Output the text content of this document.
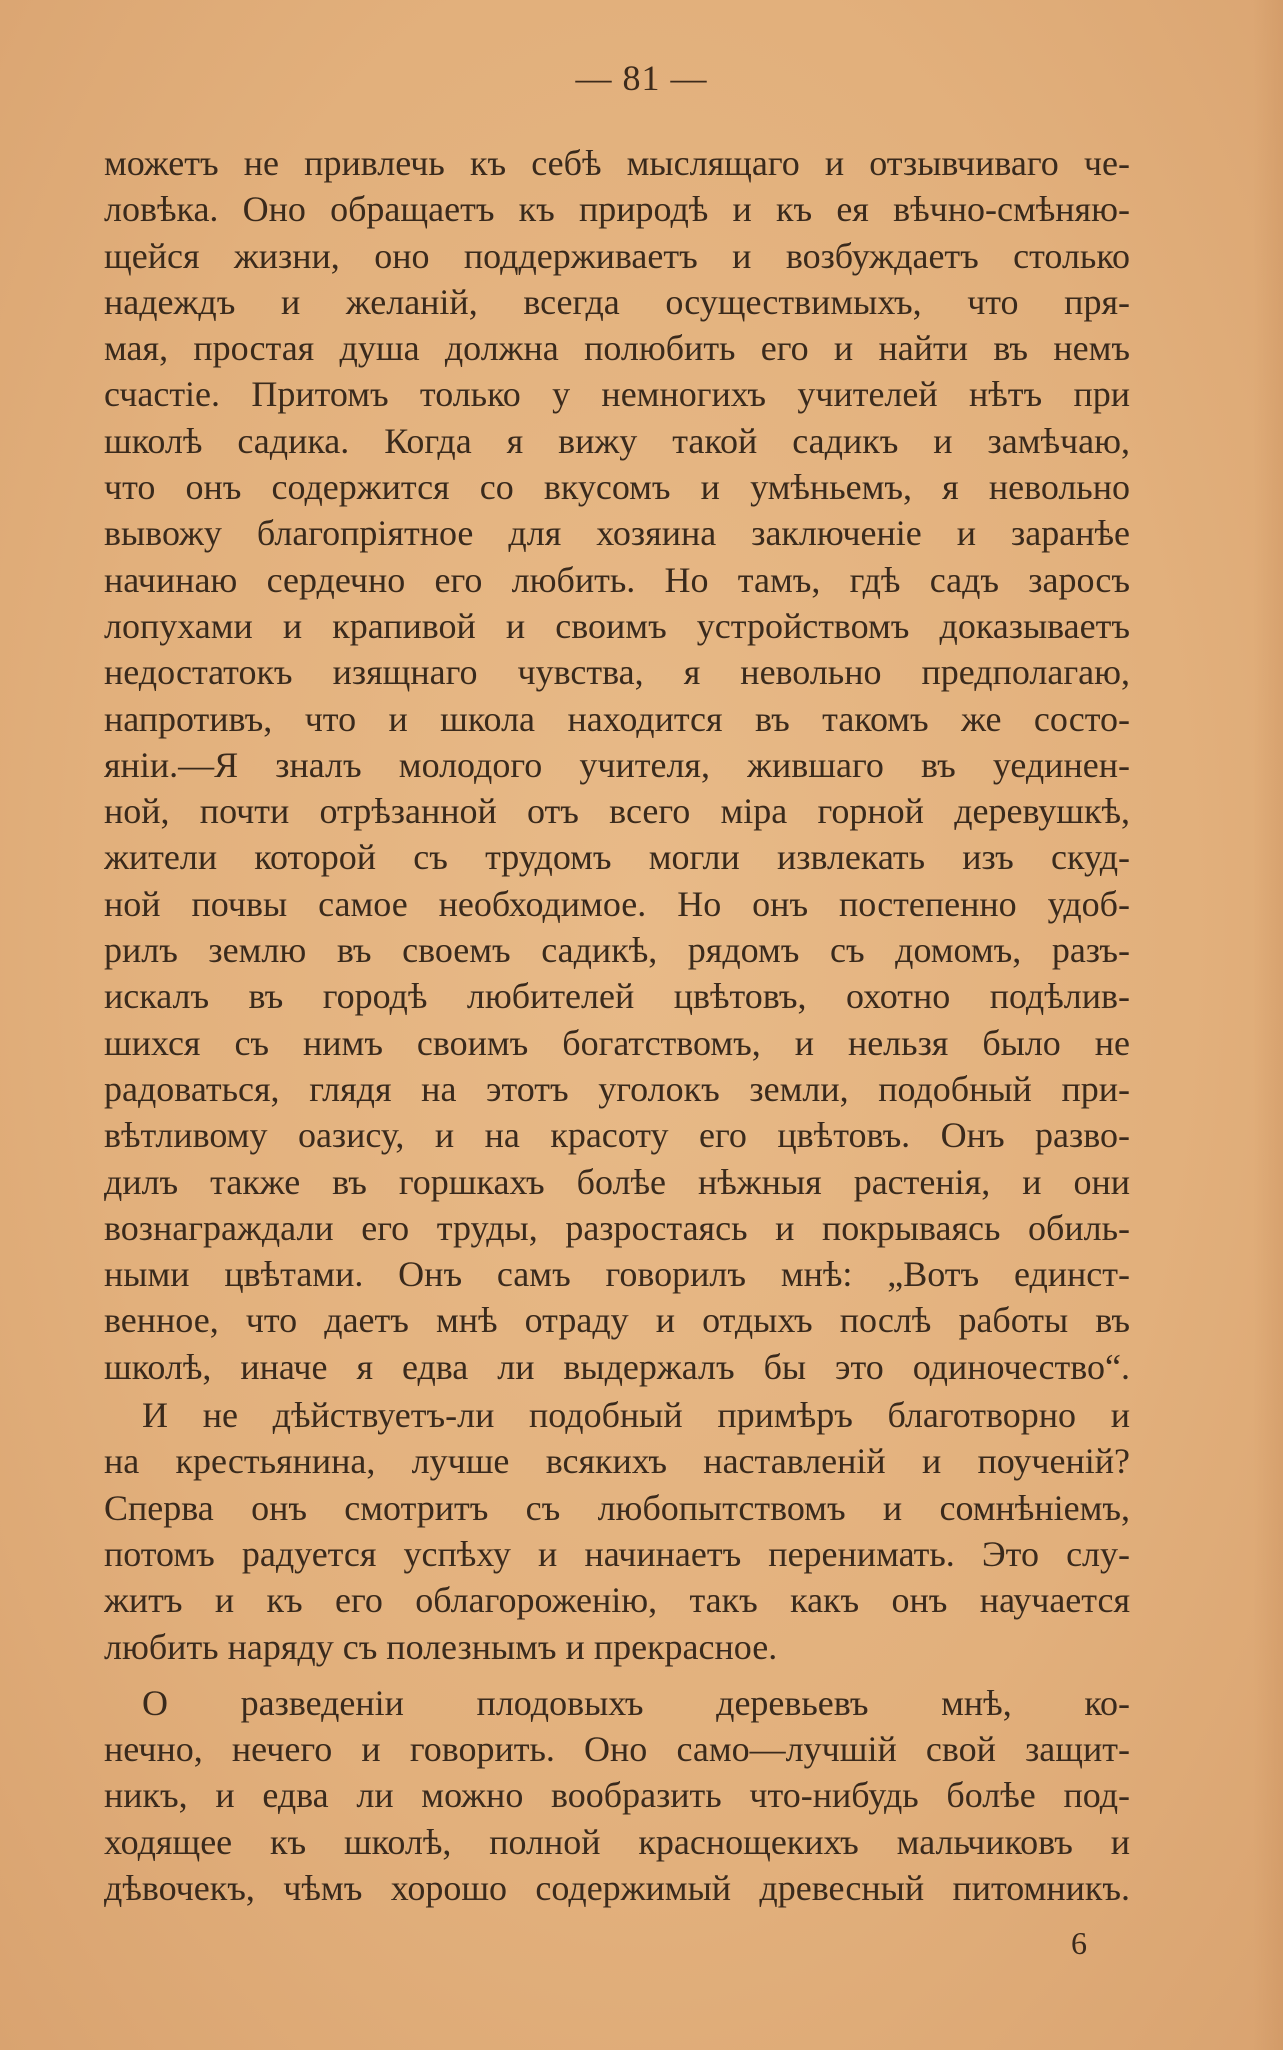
— 81 —
можетъ не привлечь къ себѣ мыслящаго и отзывчиваго че-
ловѣка. Оно обращаетъ къ природѣ и къ ея вѣчно-смѣняю-
щейся жизни, оно поддерживаетъ и возбуждаетъ столько
надеждъ и желаній, всегда осуществимыхъ, что пря-
мая, простая душа должна полюбить его и найти въ немъ
счастіе. Притомъ только у немногихъ учителей нѣтъ при
школѣ садика. Когда я вижу такой садикъ и замѣчаю,
что онъ содержится со вкусомъ и умѣньемъ, я невольно
вывожу благопріятное для хозяина заключеніе и заранѣе
начинаю сердечно его любить. Но тамъ, гдѣ садъ заросъ
лопухами и крапивой и своимъ устройствомъ доказываетъ
недостатокъ изящнаго чувства, я невольно предполагаю,
напротивъ, что и школа находится въ такомъ же состо-
яніи.—Я зналъ молодого учителя, жившаго въ уединен-
ной, почти отрѣзанной отъ всего міра горной деревушкѣ,
жители которой съ трудомъ могли извлекать изъ скуд-
ной почвы самое необходимое. Но онъ постепенно удоб-
рилъ землю въ своемъ садикѣ, рядомъ съ домомъ, разъ-
искалъ въ городѣ любителей цвѣтовъ, охотно подѣлив-
шихся съ нимъ своимъ богатствомъ, и нельзя было не
радоваться, глядя на этотъ уголокъ земли, подобный при-
вѣтливому оазису, и на красоту его цвѣтовъ. Онъ разво-
дилъ также въ горшкахъ болѣе нѣжныя растенія, и они
вознаграждали его труды, разростаясь и покрываясь обиль-
ными цвѣтами. Онъ самъ говорилъ мнѣ: „Вотъ единст-
венное, что даетъ мнѣ отраду и отдыхъ послѣ работы въ
школѣ, иначе я едва ли выдержалъ бы это одиночество“.
И не дѣйствуетъ-ли подобный примѣръ благотворно и
на крестьянина, лучше всякихъ наставленій и поученій?
Сперва онъ смотритъ съ любопытствомъ и сомнѣніемъ,
потомъ радуется успѣху и начинаетъ перенимать. Это слу-
житъ и къ его облагороженію, такъ какъ онъ научается
любить наряду съ полезнымъ и прекрасное.
О разведеніи плодовыхъ деревьевъ мнѣ, ко-
нечно, нечего и говорить. Оно само—лучшій свой защит-
никъ, и едва ли можно вообразить что-нибудь болѣе под-
ходящее къ школѣ, полной краснощекихъ мальчиковъ и
дѣвочекъ, чѣмъ хорошо содержимый древесный питомникъ.
6
